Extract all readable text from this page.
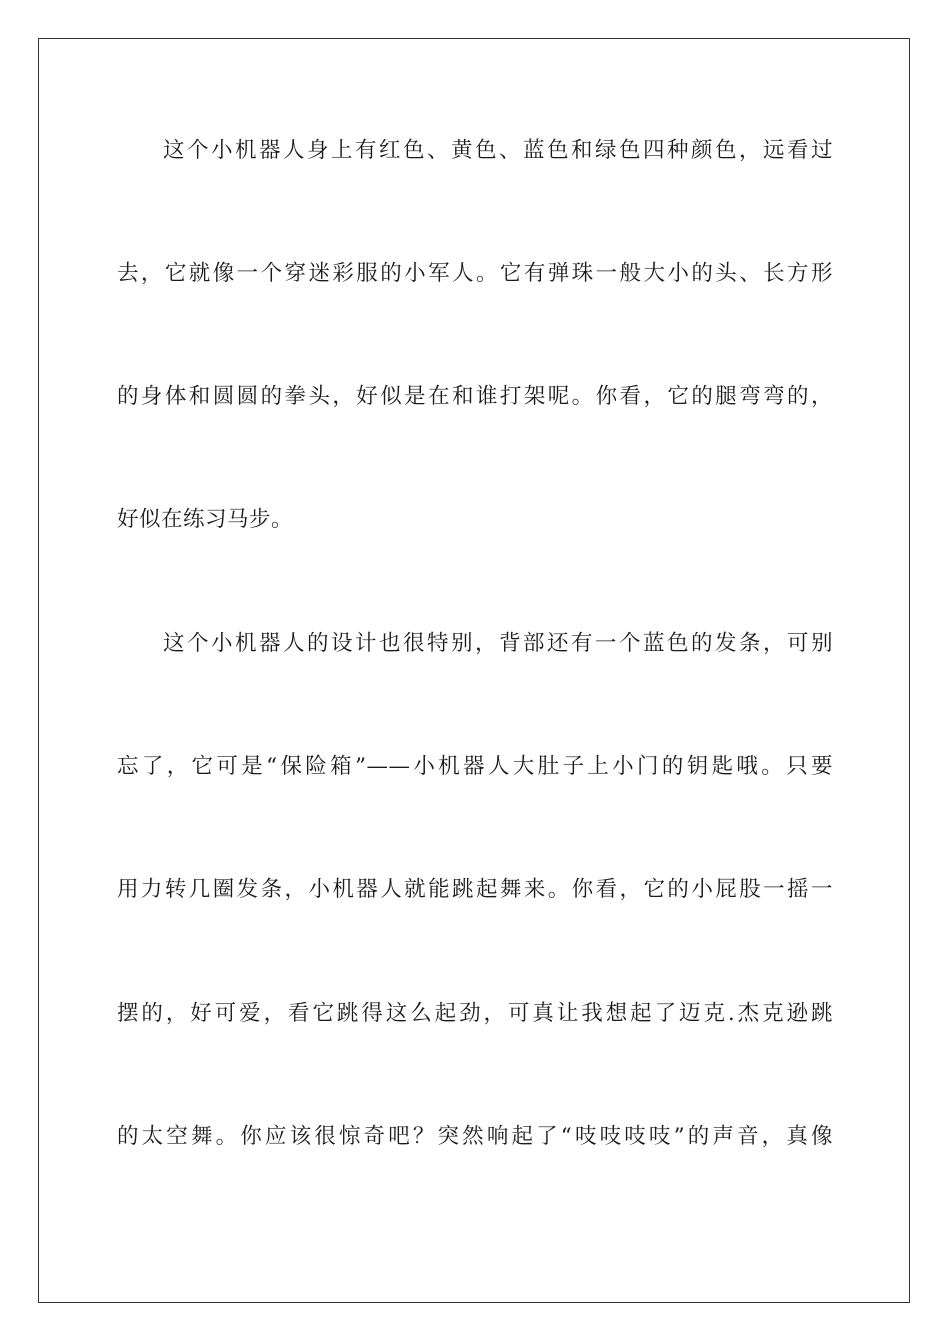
这个小机器人身上有红色、黄色、蓝色和绿色四种颜色，远看过
去，它就像一个穿迷彩服的小军人。它有弹珠一般大小的头、长方形
的身体和圆圆的拳头，好似是在和谁打架呢。你看，它的腿弯弯的，
好似在练习马步。
这个小机器人的设计也很特别，背部还有一个蓝色的发条，可别
忘了，它可是“保险箱”——小机器人大肚子上小门的钥匙哦。只要
用力转几圈发条，小机器人就能跳起舞来。你看，它的小屁股一摇一
摆的，好可爱，看它跳得这么起劲，可真让我想起了迈克.杰克逊跳
的太空舞。你应该很惊奇吧？突然响起了“吱吱吱吱”的声音，真像
